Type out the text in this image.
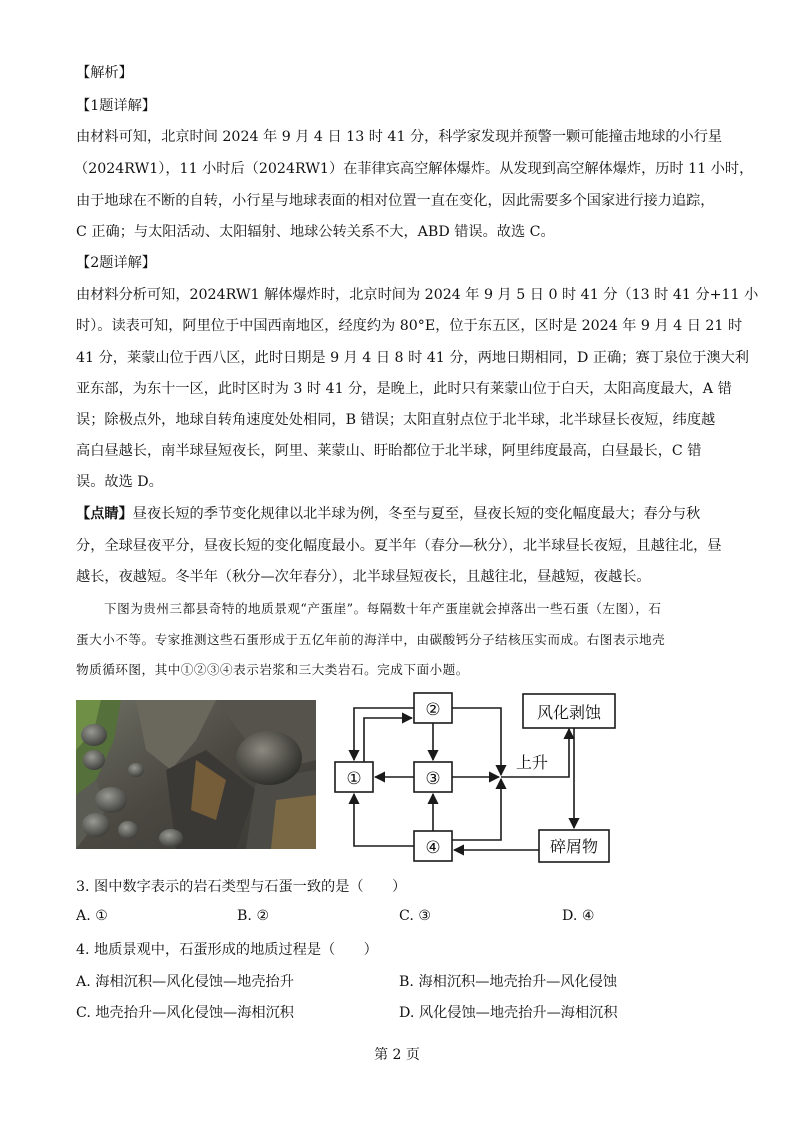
【解析】
【1题详解】
由材料可知，北京时间 2024 年 9 月 4 日 13 时 41 分，科学家发现并预警一颗可能撞击地球的小行星
（2024RW1），11 小时后（2024RW1）在菲律宾高空解体爆炸。从发现到高空解体爆炸，历时 11 小时，
由于地球在不断的自转，小行星与地球表面的相对位置一直在变化，因此需要多个国家进行接力追踪，
C 正确；与太阳活动、太阳辐射、地球公转关系不大，ABD 错误。故选 C。
【2题详解】
由材料分析可知，2024RW1 解体爆炸时，北京时间为 2024 年 9 月 5 日 0 时 41 分（13 时 41 分+11 小
时）。读表可知，阿里位于中国西南地区，经度约为 80°E，位于东五区，区时是 2024 年 9 月 4 日 21 时
41 分，莱蒙山位于西八区，此时日期是 9 月 4 日 8 时 41 分，两地日期相同，D 正确；赛丁泉位于澳大利
亚东部，为东十一区，此时区时为 3 时 41 分，是晚上，此时只有莱蒙山位于白天，太阳高度最大，A 错
误；除极点外，地球自转角速度处处相同，B 错误；太阳直射点位于北半球，北半球昼长夜短，纬度越
高白昼越长，南半球昼短夜长，阿里、莱蒙山、盱眙都位于北半球，阿里纬度最高，白昼最长，C 错
误。故选 D。
【点睛】昼夜长短的季节变化规律以北半球为例，冬至与夏至，昼夜长短的变化幅度最大；春分与秋
分，全球昼夜平分，昼夜长短的变化幅度最小。夏半年（春分—秋分），北半球昼长夜短，且越往北，昼
越长，夜越短。冬半年（秋分—次年春分），北半球昼短夜长，且越往北，昼越短，夜越长。
下图为贵州三都县奇特的地质景观“产蛋崖”。每隔数十年产蛋崖就会掉落出一些石蛋（左图），石
蛋大小不等。专家推测这些石蛋形成于五亿年前的海洋中，由碳酸钙分子结核压实而成。右图表示地壳
物质循环图，其中①②③④表示岩浆和三大类岩石。完成下面小题。
①
②
③
④
风化剥蚀
上升
碎屑物
3. 图中数字表示的岩石类型与石蛋一致的是（　　）
A. ①	B. ②	C. ③	D. ④
4. 地质景观中，石蛋形成的地质过程是（　　）
A. 海相沉积—风化侵蚀—地壳抬升	B. 海相沉积—地壳抬升—风化侵蚀
C. 地壳抬升—风化侵蚀—海相沉积	D. 风化侵蚀—地壳抬升—海相沉积
第 2 页
